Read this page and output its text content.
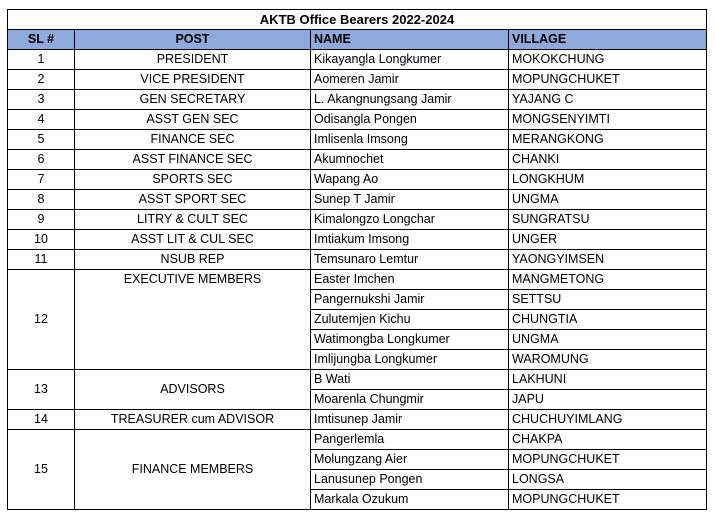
AKTB Office Bearers 2022-2024			
SL #	POST	NAME	VILLAGE
1	PRESIDENT	Kikayangla Longkumer	MOKOKCHUNG
2	VICE PRESIDENT	Aomeren Jamir	MOPUNGCHUKET
3	GEN SECRETARY	L. Akangnungsang Jamir	YAJANG C
4	ASST GEN SEC	Odisangla Pongen	MONGSENYIMTI
5	FINANCE SEC	Imlisenla Imsong	MERANGKONG
6	ASST FINANCE SEC	Akumnochet	CHANKI
7	SPORTS SEC	Wapang Ao	LONGKHUM
8	ASST SPORT SEC	Sunep T Jamir	UNGMA
9	LITRY & CULT SEC	Kimalongzo Longchar	SUNGRATSU
10	ASST LIT & CUL SEC	Imtiakum Imsong	UNGER
11	NSUB REP	Temsunaro Lemtur	YAONGYIMSEN
12	EXECUTIVE MEMBERS	Easter Imchen	MANGMETONG
		Pangernukshi Jamir	SETTSU
		Zulutemjen Kichu	CHUNGTIA
		Watimongba Longkumer	UNGMA
		Imlijungba Longkumer	WAROMUNG
13	ADVISORS	B Wati	LAKHUNI
		Moarenla Chungmir	JAPU
14	TREASURER cum ADVISOR	Imtisunep Jamir	CHUCHUYIMLANG
15	FINANCE MEMBERS	Pangerlemla	CHAKPA
		Molungzang Aier	MOPUNGCHUKET
		Lanusunep Pongen	LONGSA
		Markala Ozukum	MOPUNGCHUKET
